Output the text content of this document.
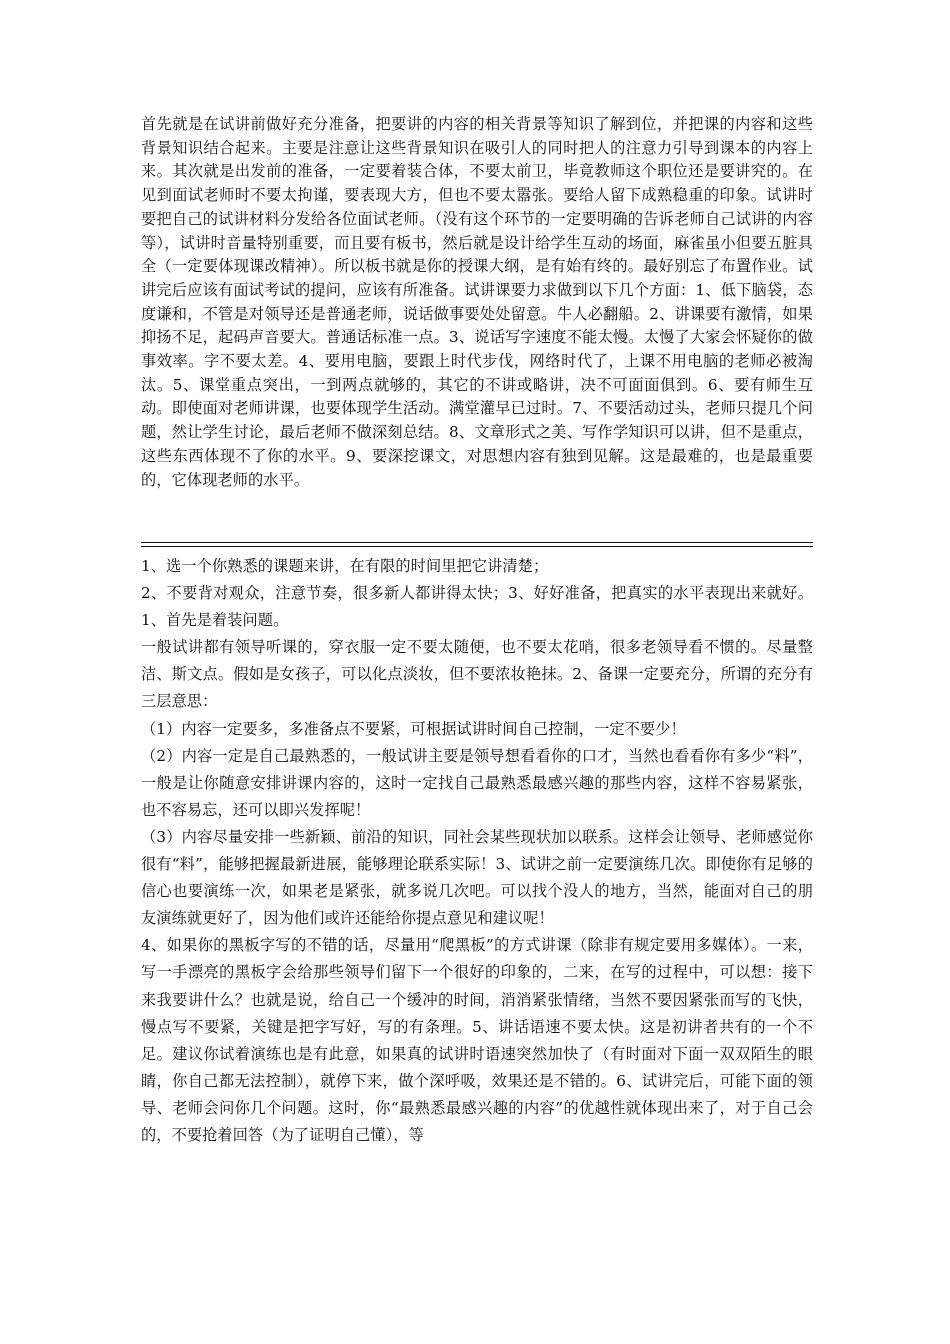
首先就是在试讲前做好充分准备，把要讲的内容的相关背景等知识了解到位，并把课的内容和这些背景知识结合起来。主要是注意让这些背景知识在吸引人的同时把人的注意力引导到课本的内容上来。其次就是出发前的准备，一定要着装合体，不要太前卫，毕竟教师这个职位还是要讲究的。在见到面试老师时不要太拘谨，要表现大方，但也不要太嚣张。要给人留下成熟稳重的印象。试讲时要把自己的试讲材料分发给各位面试老师。（没有这个环节的一定要明确的告诉老师自己试讲的内容等），试讲时音量特别重要，而且要有板书，然后就是设计给学生互动的场面，麻雀虽小但要五脏具全（一定要体现课改精神）。所以板书就是你的授课大纲，是有始有终的。最好别忘了布置作业。试讲完后应该有面试考试的提问，应该有所准备。试讲课要力求做到以下几个方面：1、低下脑袋，态度谦和，不管是对领导还是普通老师，说话做事要处处留意。牛人必翻船。2、讲课要有激情，如果抑扬不足，起码声音要大。普通话标准一点。3、说话写字速度不能太慢。太慢了大家会怀疑你的做事效率。字不要太差。4、要用电脑，要跟上时代步伐，网络时代了，上课不用电脑的老师必被淘汰。5、课堂重点突出，一到两点就够的，其它的不讲或略讲，决不可面面俱到。6、要有师生互动。即使面对老师讲课，也要体现学生活动。满堂灌早已过时。7、不要活动过头，老师只提几个问题，然让学生讨论，最后老师不做深刻总结。8、文章形式之美、写作学知识可以讲，但不是重点，这些东西体现不了你的水平。9、要深挖课文，对思想内容有独到见解。这是最难的，也是最重要的，它体现老师的水平。

1、选一个你熟悉的课题来讲，在有限的时间里把它讲清楚；

2、不要背对观众，注意节奏，很多新人都讲得太快；3、好好准备，把真实的水平表现出来就好。1、首先是着装问题。

一般试讲都有领导听课的，穿衣服一定不要太随便，也不要太花哨，很多老领导看不惯的。尽量整洁、斯文点。假如是女孩子，可以化点淡妆，但不要浓妆艳抹。2、备课一定要充分，所谓的充分有三层意思：

（1）内容一定要多，多准备点不要紧，可根据试讲时间自己控制，一定不要少！

（2）内容一定是自己最熟悉的，一般试讲主要是领导想看看你的口才，当然也看看你有多少“料”，一般是让你随意安排讲课内容的，这时一定找自己最熟悉最感兴趣的那些内容，这样不容易紧张，也不容易忘，还可以即兴发挥呢！

（3）内容尽量安排一些新颖、前沿的知识，同社会某些现状加以联系。这样会让领导、老师感觉你很有“料”，能够把握最新进展，能够理论联系实际！3、试讲之前一定要演练几次。即使你有足够的信心也要演练一次，如果老是紧张，就多说几次吧。可以找个没人的地方，当然，能面对自己的朋友演练就更好了，因为他们或许还能给你提点意见和建议呢！

4、如果你的黑板字写的不错的话，尽量用“爬黑板”的方式讲课（除非有规定要用多媒体）。一来，写一手漂亮的黑板字会给那些领导们留下一个很好的印象的，二来，在写的过程中，可以想：接下来我要讲什么？也就是说，给自己一个缓冲的时间，消消紧张情绪，当然不要因紧张而写的飞快，慢点写不要紧，关键是把字写好，写的有条理。5、讲话语速不要太快。这是初讲者共有的一个不足。建议你试着演练也是有此意，如果真的试讲时语速突然加快了（有时面对下面一双双陌生的眼睛，你自己都无法控制），就停下来，做个深呼吸，效果还是不错的。6、试讲完后，可能下面的领导、老师会问你几个问题。这时，你“最熟悉最感兴趣的内容”的优越性就体现出来了，对于自己会的，不要抢着回答（为了证明自己懂），等
